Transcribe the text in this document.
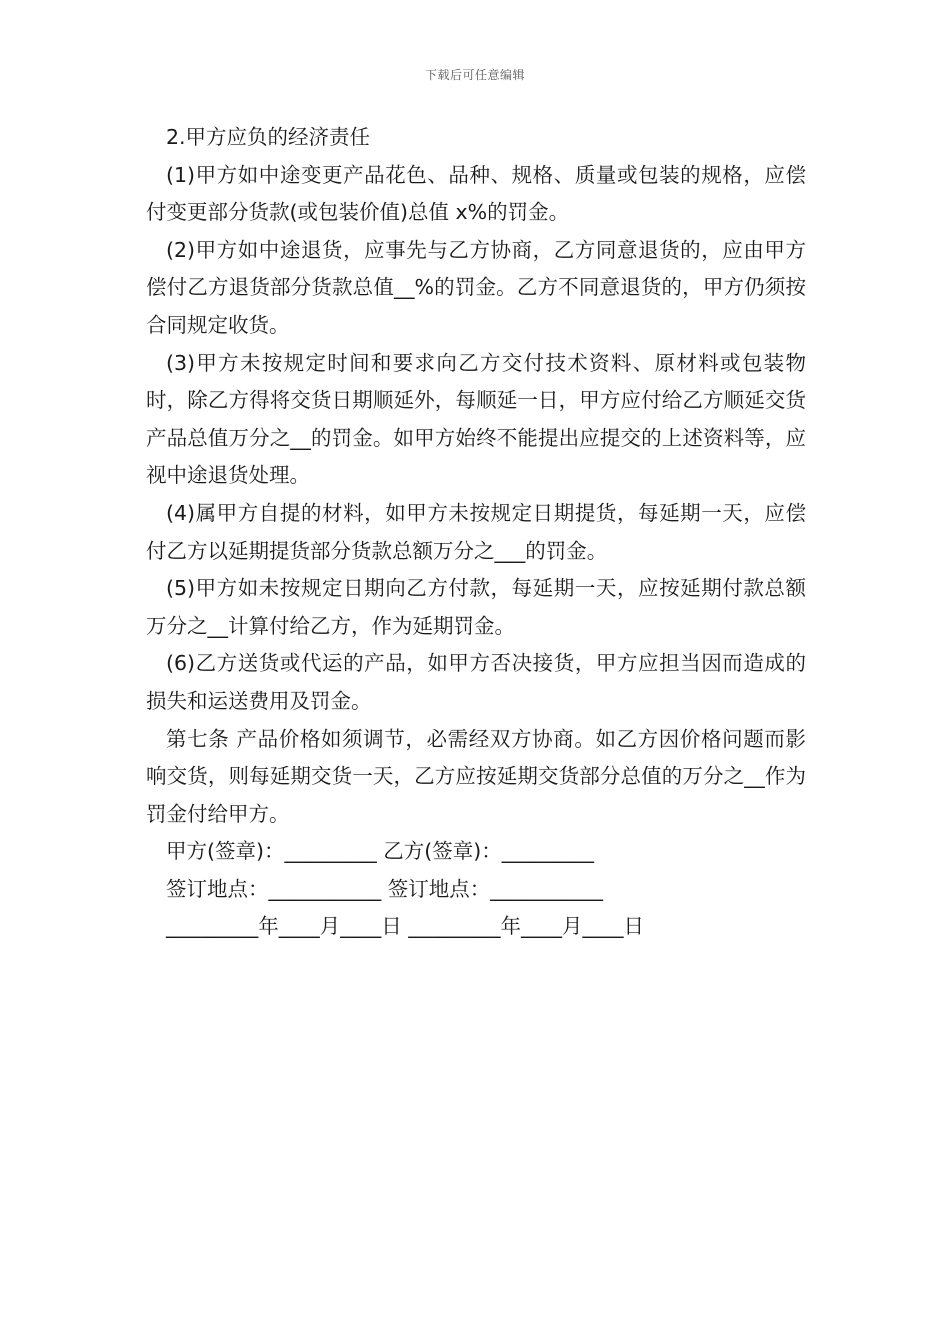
下载后可任意编辑

2.甲方应负的经济责任

(1)甲方如中途变更产品花色、品种、规格、质量或包装的规格，应偿付变更部分货款(或包装价值)总值 x%的罚金。

(2)甲方如中途退货，应事先与乙方协商，乙方同意退货的，应由甲方偿付乙方退货部分货款总值__%的罚金。乙方不同意退货的，甲方仍须按合同规定收货。

(3)甲方未按规定时间和要求向乙方交付技术资料、原材料或包装物时，除乙方得将交货日期顺延外，每顺延一日，甲方应付给乙方顺延交货产品总值万分之__的罚金。如甲方始终不能提出应提交的上述资料等，应视中途退货处理。

(4)属甲方自提的材料，如甲方未按规定日期提货，每延期一天，应偿付乙方以延期提货部分货款总额万分之___的罚金。

(5)甲方如未按规定日期向乙方付款，每延期一天，应按延期付款总额万分之__计算付给乙方，作为延期罚金。

(6)乙方送货或代运的产品，如甲方否决接货，甲方应担当因而造成的损失和运送费用及罚金。

第七条 产品价格如须调节，必需经双方协商。如乙方因价格问题而影响交货，则每延期交货一天，乙方应按延期交货部分总值的万分之__作为罚金付给甲方。

甲方(签章)：_________ 乙方(签章)：_________
签订地点：___________ 签订地点：___________
_________年____月____日 _________年____月____日
